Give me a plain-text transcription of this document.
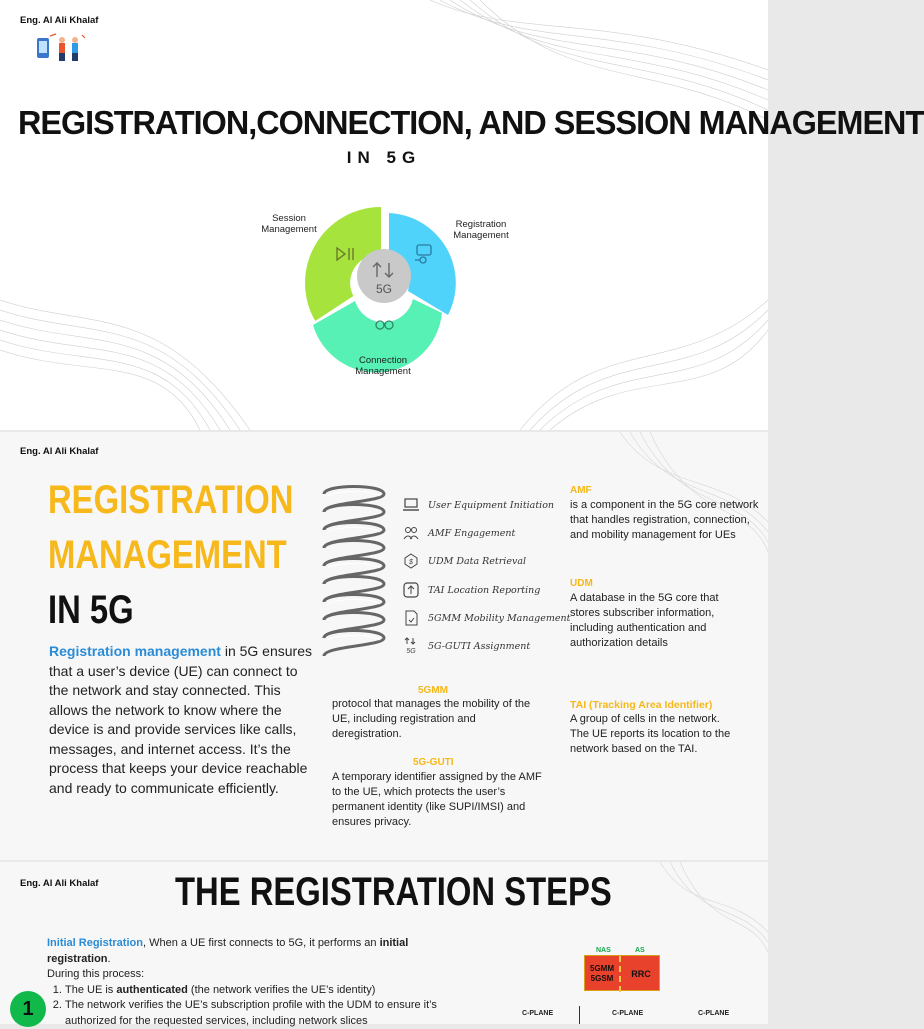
Eng. Al Ali Khalaf
REGISTRATION,CONNECTION, AND SESSION MANAGEMENT
IN 5G
5G
Session Management	Registration Management
Connection Management
Eng. Al Ali Khalaf
REGISTRATION
MANAGEMENT
IN 5G
Registration management in 5G ensures that a user’s device (UE) can connect to the network and stay connected. This allows the network to know where the device is and provide services like calls, messages, and internet access. It’s the process that keeps your device reachable and ready to communicate efficiently.
User Equipment Initiation
AMF Engagement
$ UDM Data Retrieval
TAI Location Reporting
5GMM Mobility Management
5G 5G-GUTI Assignment
AMF
is a component in the 5G core network that handles registration, connection, and mobility management for UEs
UDM
A database in the 5G core that stores subscriber information, including authentication and authorization details
5GMM
protocol that manages the mobility of the UE, including registration and deregistration.
TAI (Tracking Area Identifier)
A group of cells in the network. The UE reports its location to the network based on the TAI.
5G-GUTI
A temporary identifier assigned by the AMF to the UE, which protects the user’s permanent identity (like SUPI/IMSI) and ensures privacy.
Eng. Al Ali Khalaf THE REGISTRATION STEPS
Initial Registration, When a UE first connects to 5G, it performs an initial registration.
During this process:
1. The UE is authenticated (the network verifies the UE’s identity)
2. The network verifies the UE’s subscription profile with the UDM to ensure it’s authorized for the requested services, including network slices
1
NAS	AS
5GMM
5GSM	RRC
C-PLANE	C-PLANE	C-PLANE
